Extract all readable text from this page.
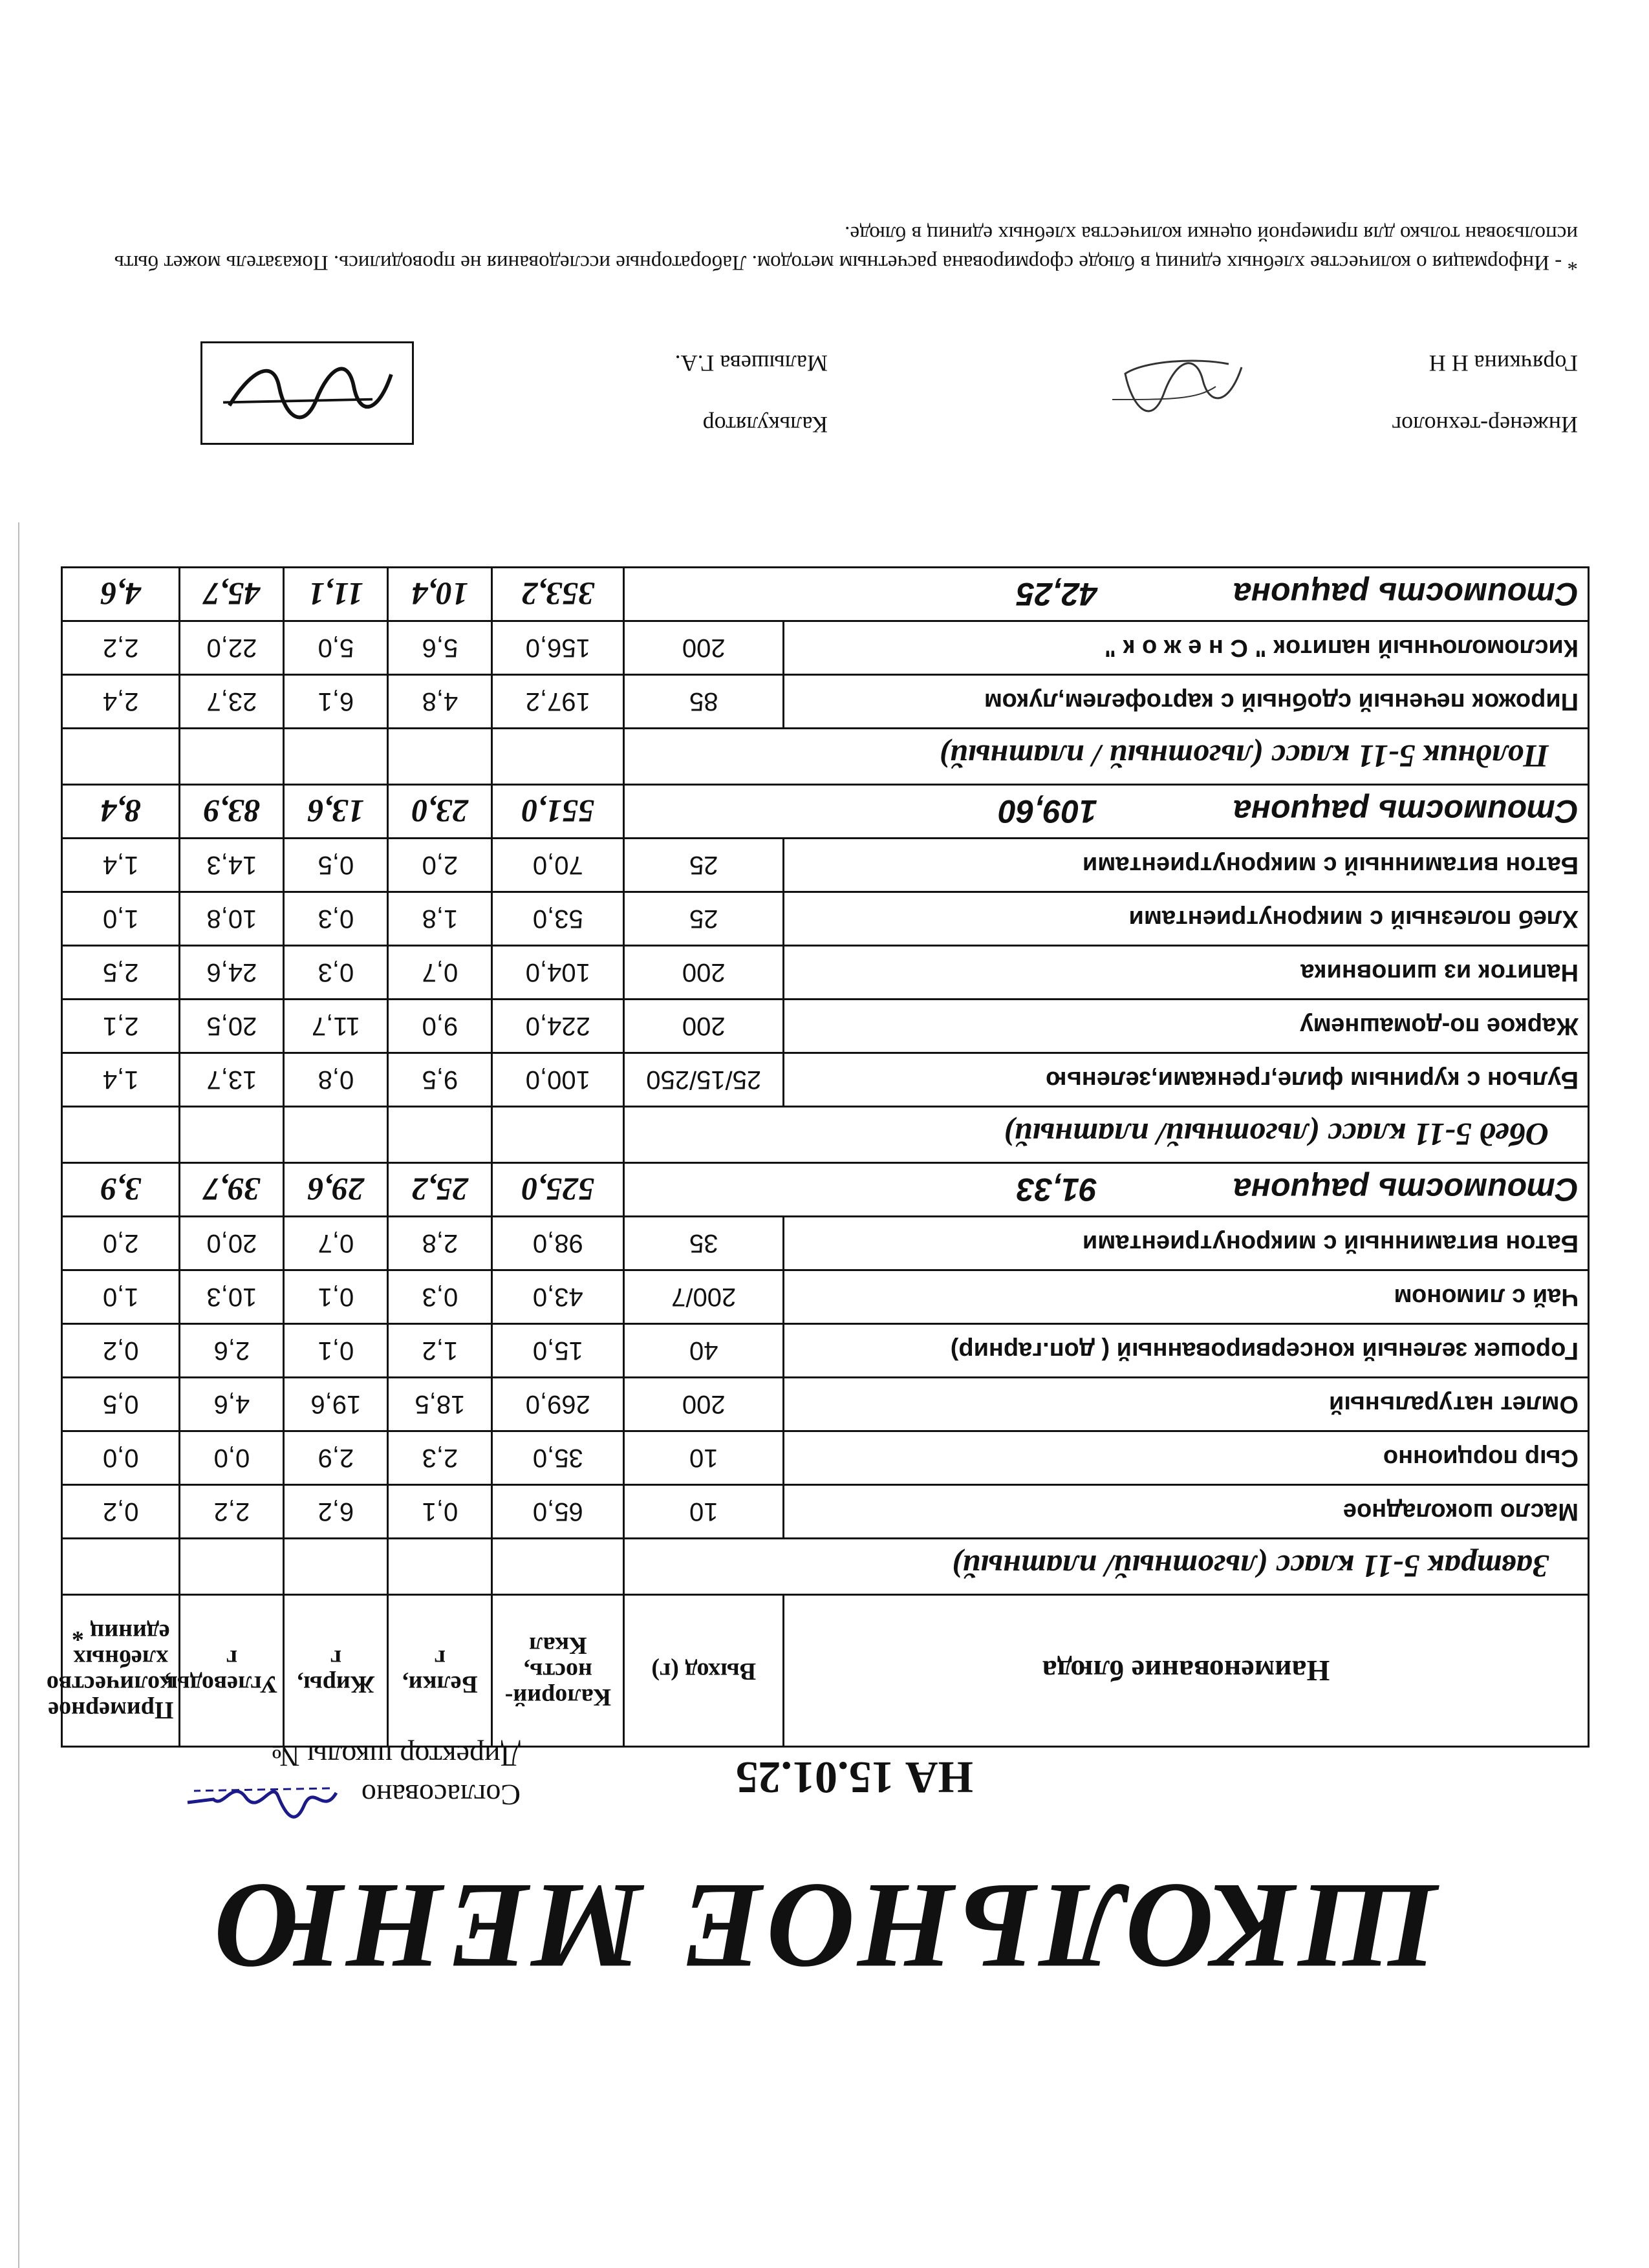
ШКОЛЬНОЕ МЕНЮ
НА 15.01.25
Согласовано
Директор школы №
Наименование блюда	Выход (г)	Калорий-ность, Ккал	Белки, г	Жиры, г	Углеводы, г	Примерное количество хлебных единиц *
Завтрак 5-11 класс (льготный/ платный)						
Масло шоколадное	10	65,0	0,1	6,2	2,2	0,2
Сыр порционно	10	35,0	2,3	2,9	0,0	0,0
Омлет натуральный	200	269,0	18,5	19,6	4,6	0,5
Горошек зеленый консервированный ( доп.гарнир)	40	15,0	1,2	0,1	2,6	0,2
Чай с лимоном	200/7	43,0	0,3	0,1	10,3	1,0
Батон витаминный с микронутриентами	35	98,0	2,8	0,7	20,0	2,0
Стоимость рациона91,33		525,0	25,2	29,6	39,7	3,9
Обед 5-11 класс (льготный/ платный)						
Бульон с куриным филе,гренками,зеленью	25/15/250	100,0	9,5	0,8	13,7	1,4
Жаркое по-домашнему	200	224,0	9,0	11,7	20,5	2,1
Напиток из шиповника	200	104,0	0,7	0,3	24,6	2,5
Хлеб полезный с микронутриентами	25	53,0	1,8	0,3	10,8	1,0
Батон витаминный с микронутриентами	25	70,0	2,0	0,5	14,3	1,4
Стоимость рациона109,60		551,0	23,0	13,6	83,9	8,4
Полдник 5-11 класс (льготный / платный)						
Пирожок печеный сдобный с картофелем,луком	85	197,2	4,8	6,1	23,7	2,4
Кисломолочный напиток " С н е ж о к "	200	156,0	5,6	5,0	22,0	2,2
Стоимость рациона42,25		353,2	10,4	11,1	45,7	4,6
Инженер-технолог
Горячкина Н Н
Калькулятор
Малышева Г.А.
* - Информация о количестве хлебных единиц в блюде сформирована расчетным методом. Лабораторные исследования не проводились. Показатель может быть использован только для примерной оценки количества хлебных единиц в блюде.
